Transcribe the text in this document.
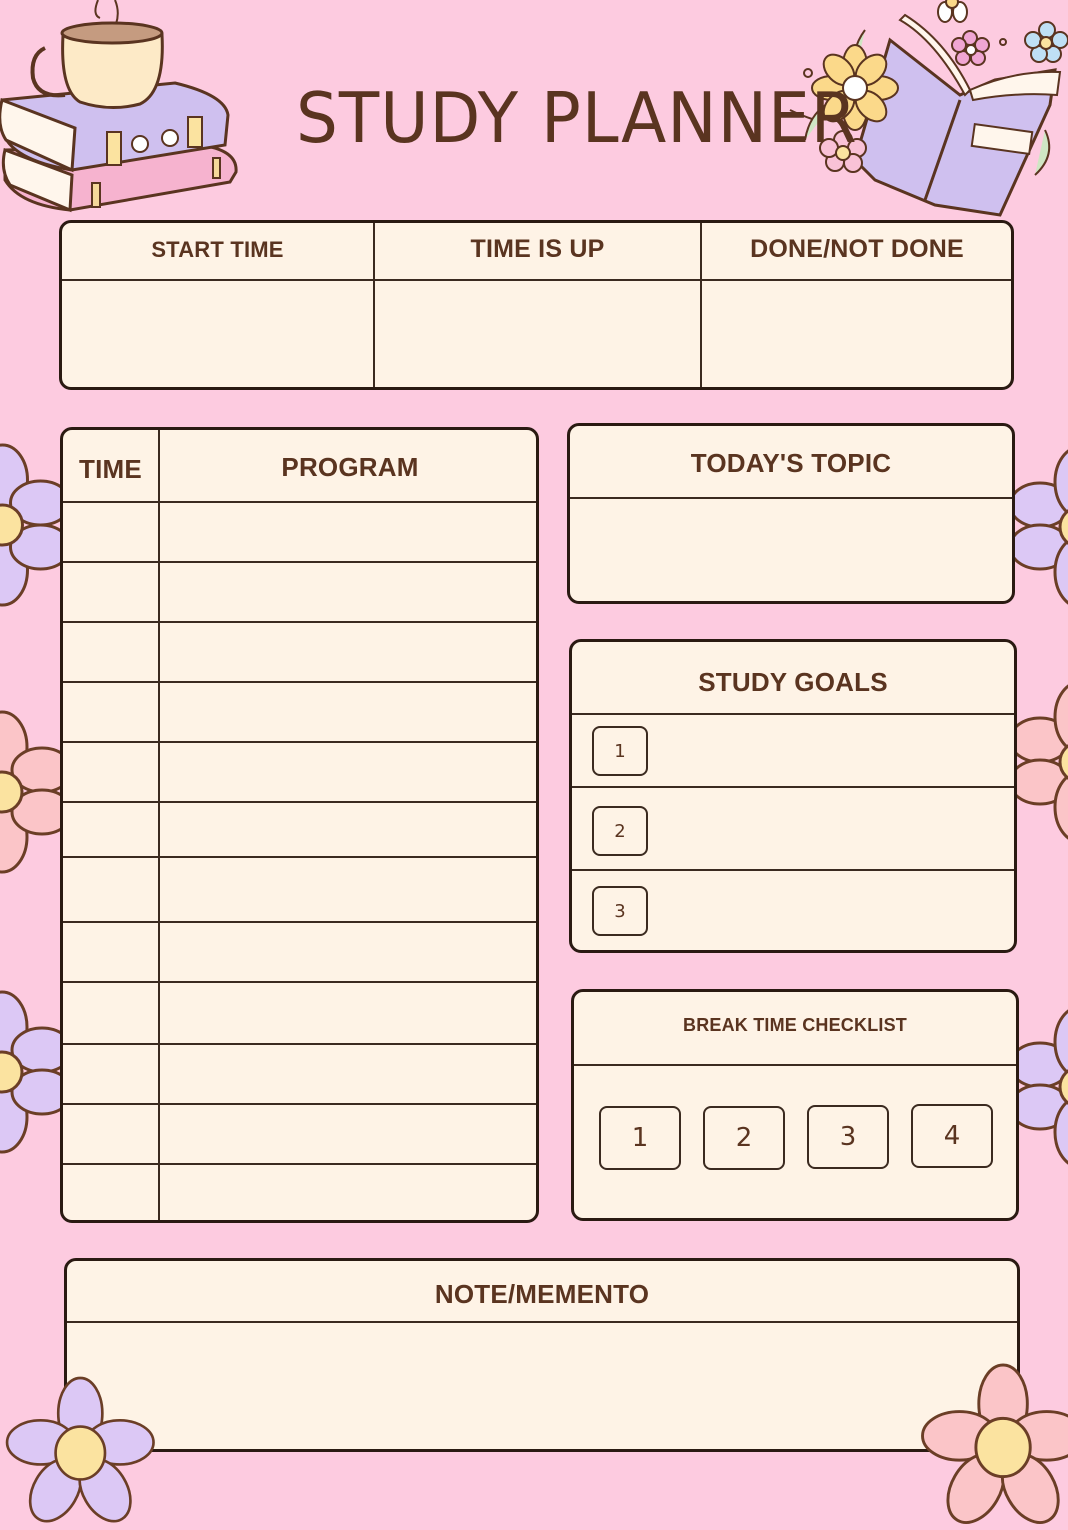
STUDY PLANNER
START TIME	TIME IS UP	DONE/NOT DONE
TIME	PROGRAM	TODAY'S TOPIC
STUDY GOALS
1
2
3
BREAK TIME CHECKLIST
1	2	3	4
NOTE/MEMENTO
